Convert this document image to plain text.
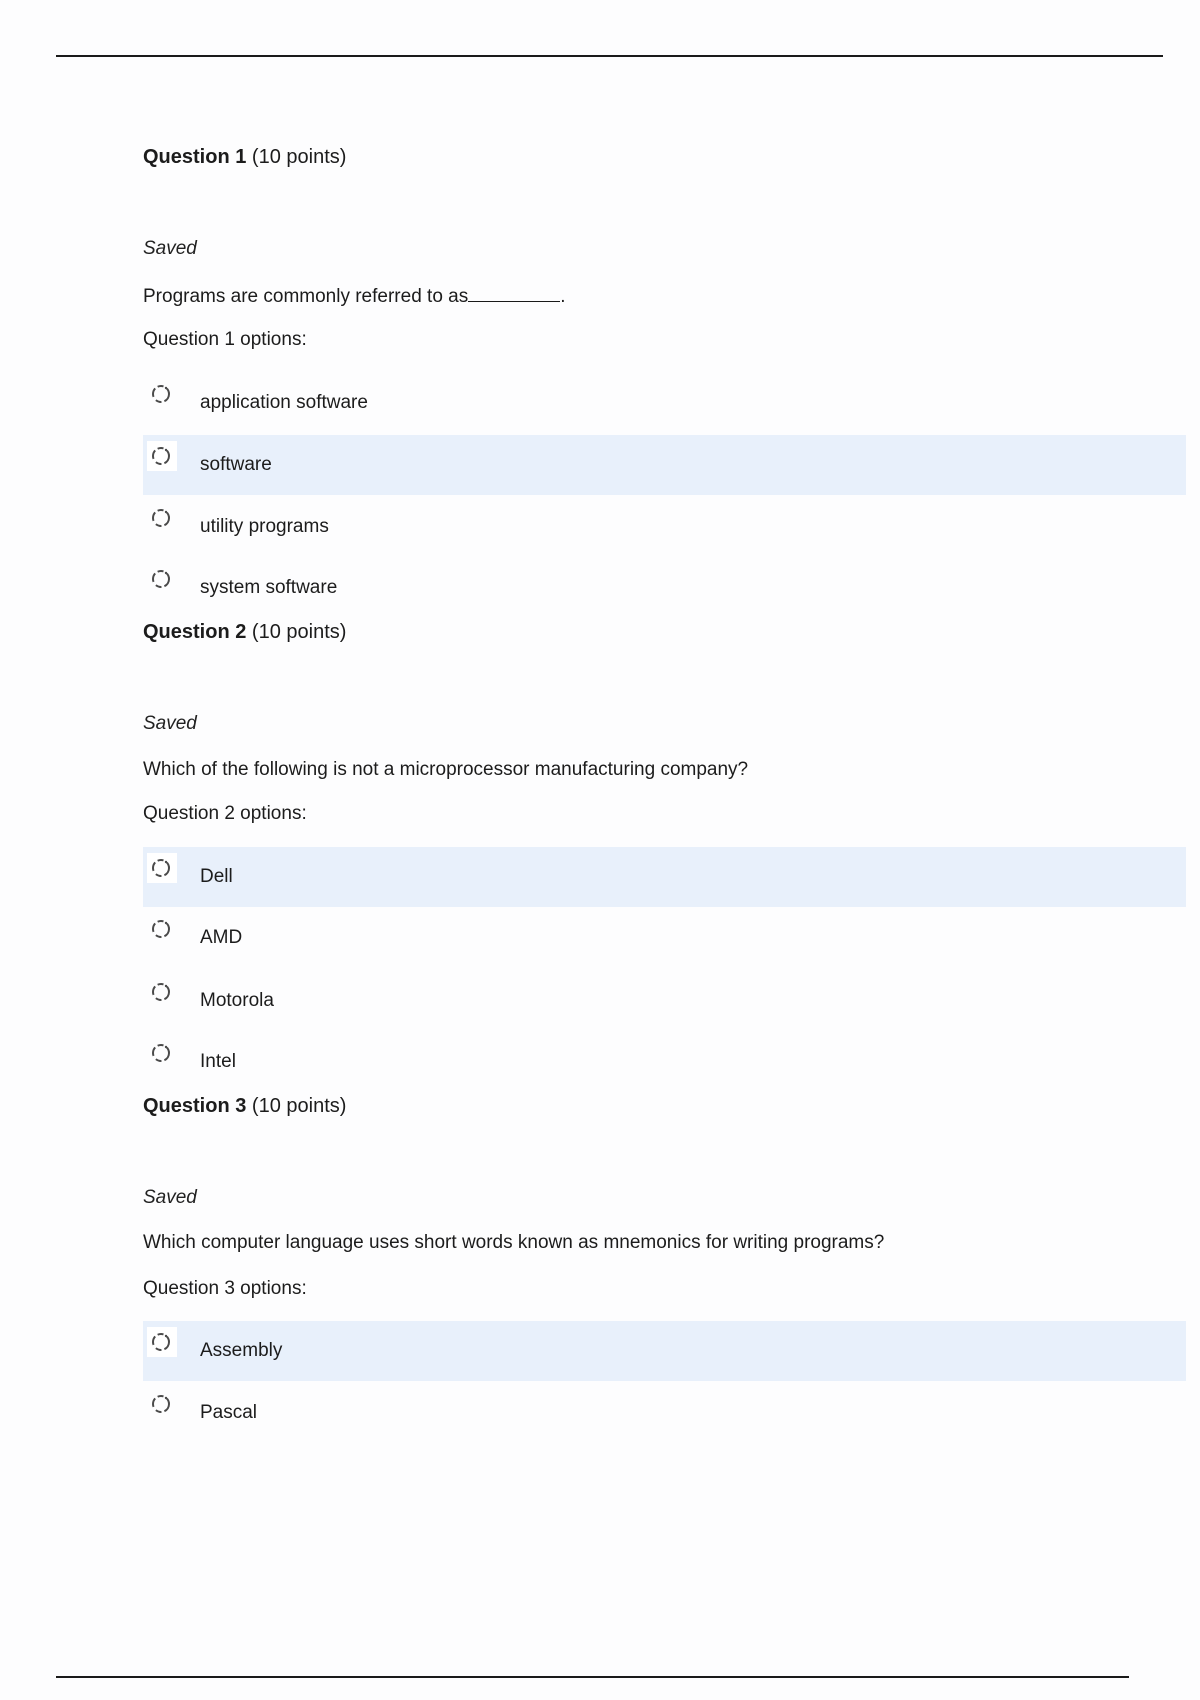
Question 1 (10 points)
Saved
Programs are commonly referred to as	.
Question 1 options:
application software
software
utility programs
system software
Question 2 (10 points)
Saved
Which of the following is not a microprocessor manufacturing company?
Question 2 options:
Dell
AMD
Motorola
Intel
Question 3 (10 points)
Saved
Which computer language uses short words known as mnemonics for writing programs?
Question 3 options:
Assembly
Pascal
